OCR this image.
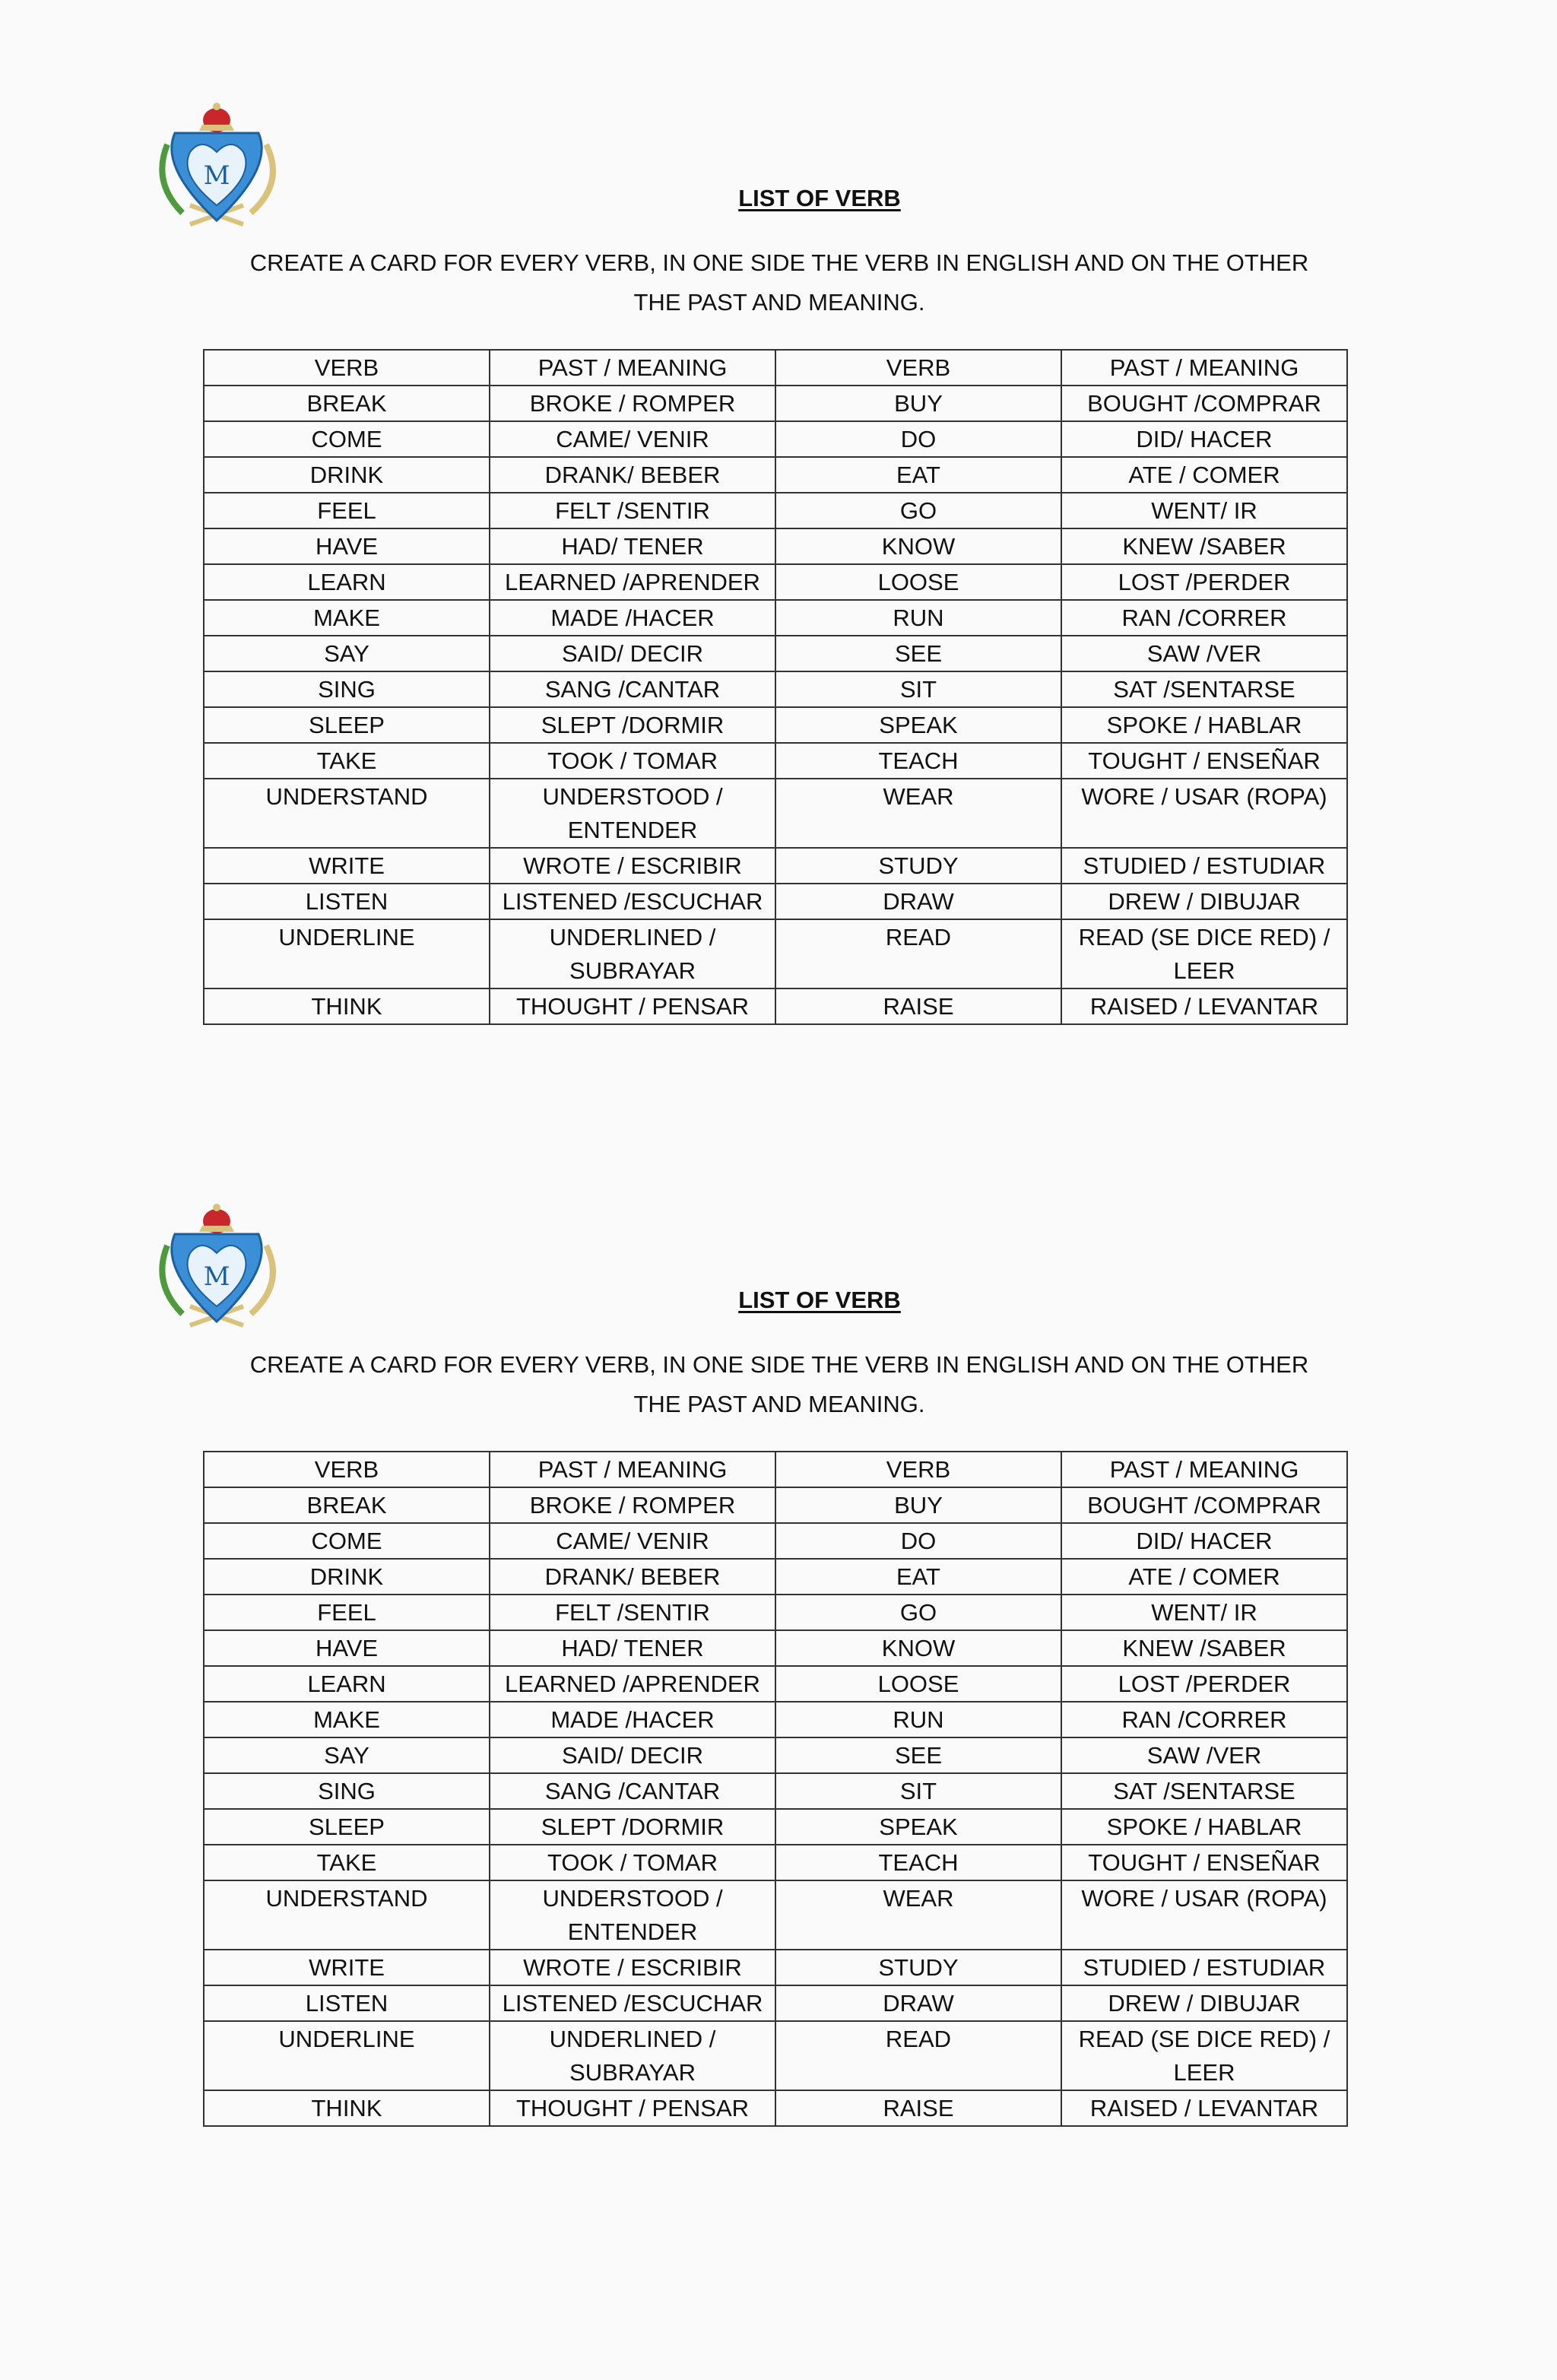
M
LIST OF VERB
CREATE A CARD FOR EVERY VERB, IN ONE SIDE THE VERB IN ENGLISH AND ON THE OTHER THE PAST AND MEANING.
VERB	PAST / MEANING	VERB	PAST / MEANING
BREAK	BROKE / ROMPER	BUY	BOUGHT /COMPRAR
COME	CAME/ VENIR	DO	DID/ HACER
DRINK	DRANK/ BEBER	EAT	ATE / COMER
FEEL	FELT /SENTIR	GO	WENT/ IR
HAVE	HAD/ TENER	KNOW	KNEW /SABER
LEARN	LEARNED /APRENDER	LOOSE	LOST /PERDER
MAKE	MADE /HACER	RUN	RAN /CORRER
SAY	SAID/ DECIR	SEE	SAW /VER
SING	SANG /CANTAR	SIT	SAT /SENTARSE
SLEEP	SLEPT /DORMIR	SPEAK	SPOKE / HABLAR
TAKE	TOOK / TOMAR	TEACH	TOUGHT / ENSEÑAR
UNDERSTAND	UNDERSTOOD / ENTENDER	WEAR	WORE / USAR (ROPA)
WRITE	WROTE / ESCRIBIR	STUDY	STUDIED / ESTUDIAR
LISTEN	LISTENED /ESCUCHAR	DRAW	DREW / DIBUJAR
UNDERLINE	UNDERLINED / SUBRAYAR	READ	READ (SE DICE RED) / LEER
THINK	THOUGHT / PENSAR	RAISE	RAISED / LEVANTAR
M
LIST OF VERB
CREATE A CARD FOR EVERY VERB, IN ONE SIDE THE VERB IN ENGLISH AND ON THE OTHER THE PAST AND MEANING.
VERB	PAST / MEANING	VERB	PAST / MEANING
BREAK	BROKE / ROMPER	BUY	BOUGHT /COMPRAR
COME	CAME/ VENIR	DO	DID/ HACER
DRINK	DRANK/ BEBER	EAT	ATE / COMER
FEEL	FELT /SENTIR	GO	WENT/ IR
HAVE	HAD/ TENER	KNOW	KNEW /SABER
LEARN	LEARNED /APRENDER	LOOSE	LOST /PERDER
MAKE	MADE /HACER	RUN	RAN /CORRER
SAY	SAID/ DECIR	SEE	SAW /VER
SING	SANG /CANTAR	SIT	SAT /SENTARSE
SLEEP	SLEPT /DORMIR	SPEAK	SPOKE / HABLAR
TAKE	TOOK / TOMAR	TEACH	TOUGHT / ENSEÑAR
UNDERSTAND	UNDERSTOOD / ENTENDER	WEAR	WORE / USAR (ROPA)
WRITE	WROTE / ESCRIBIR	STUDY	STUDIED / ESTUDIAR
LISTEN	LISTENED /ESCUCHAR	DRAW	DREW / DIBUJAR
UNDERLINE	UNDERLINED / SUBRAYAR	READ	READ (SE DICE RED) / LEER
THINK	THOUGHT / PENSAR	RAISE	RAISED / LEVANTAR
